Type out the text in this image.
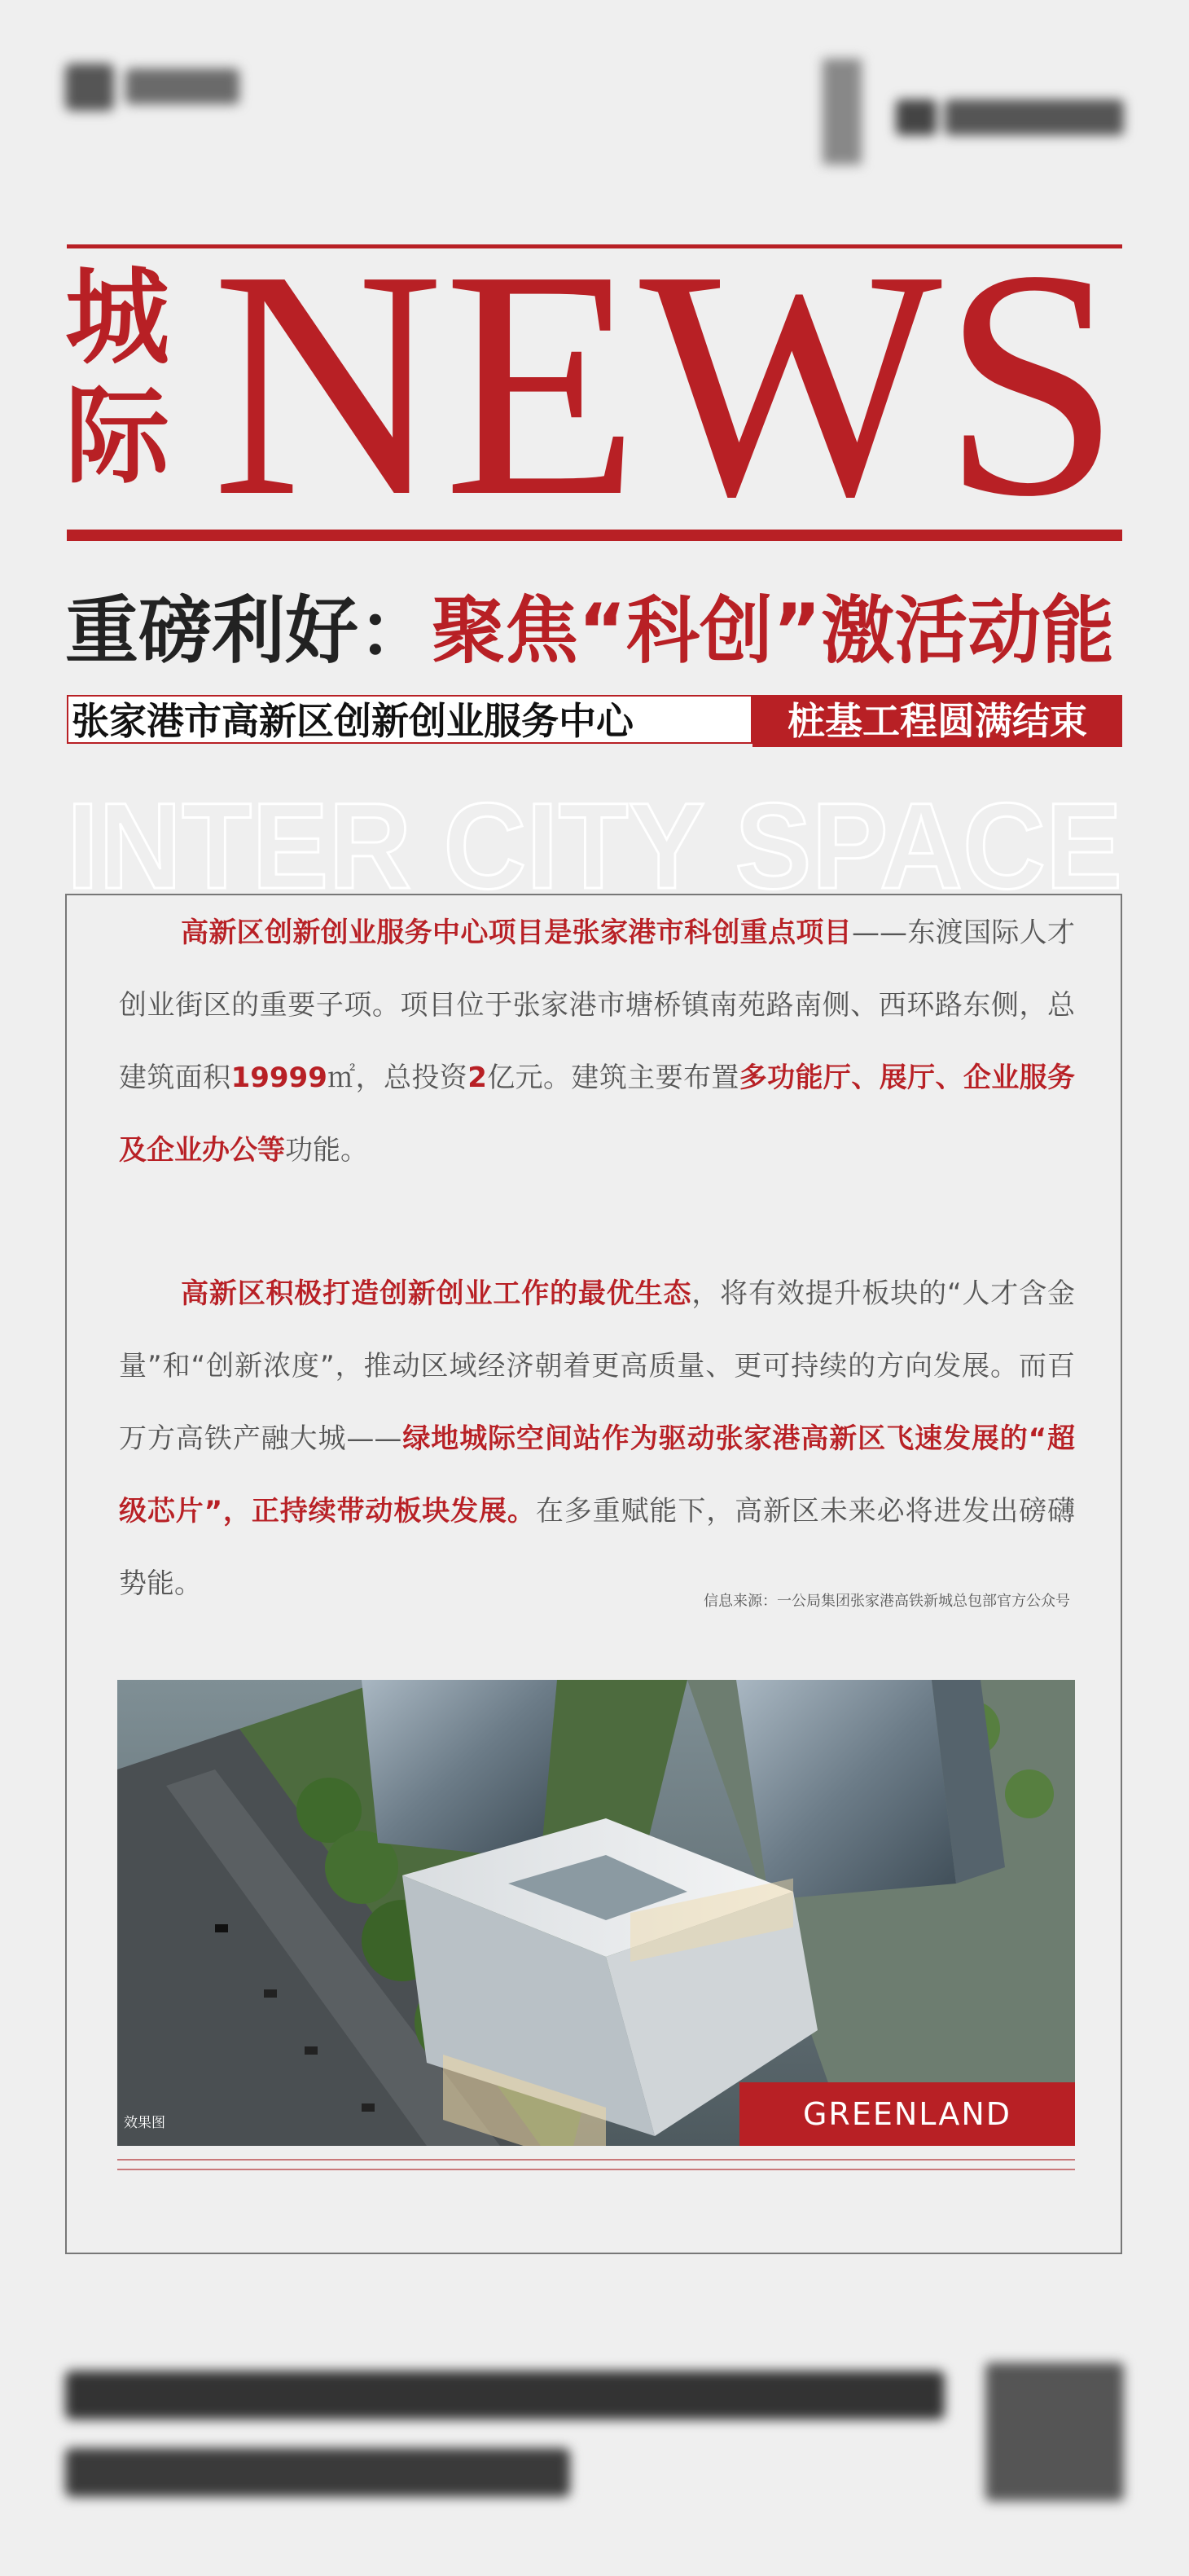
城际 NEWS
重磅利好：聚焦“科创”激活动能
张家港市高新区创新创业服务中心	桩基工程圆满结束
INTER CITY SPACE
高新区创新创业服务中心项目是张家港市科创重点项目——东渡国际人才创业街区的重要子项。项目位于张家港市塘桥镇南苑路南侧、西环路东侧，总建筑面积19999㎡，总投资2亿元。建筑主要布置多功能厅、展厅、企业服务及企业办公等功能。
高新区积极打造创新创业工作的最优生态，将有效提升板块的“人才含金量”和“创新浓度”，推动区域经济朝着更高质量、更可持续的方向发展。而百万方高铁产融大城——绿地城际空间站作为驱动张家港高新区飞速发展的“超级芯片”，正持续带动板块发展。在多重赋能下，高新区未来必将进发出磅礴势能。
信息来源：一公局集团张家港高铁新城总包部官方公众号
效果图	GREENLAND
